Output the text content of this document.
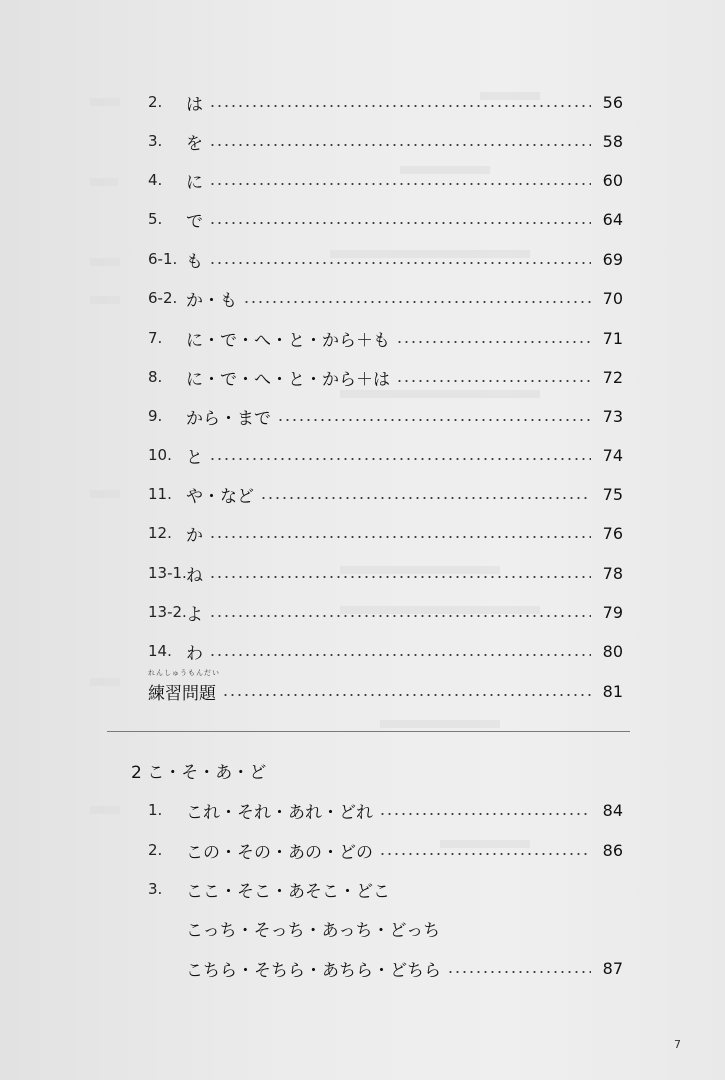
2.	は	56
3.	を	58
4.	に	60
5.	で	64
6-1. も	69
6-2. か・も	70
7.	に・で・へ・と・から＋も	71
8.	に・で・へ・と・から＋は	72
9.	から・まで	73
10. と	74
11. や・など	75
12. か	76
13-1. ね	78
13-2. よ	79
14. わ	80
れんしゅうもんだい
練習問題	81
2 こ・そ・あ・ど
1.	これ・それ・あれ・どれ	84
2.	この・その・あの・どの	86
3.	ここ・そこ・あそこ・どこ
こっち・そっち・あっち・どっち
こちら・そちら・あちら・どちら	87
7
